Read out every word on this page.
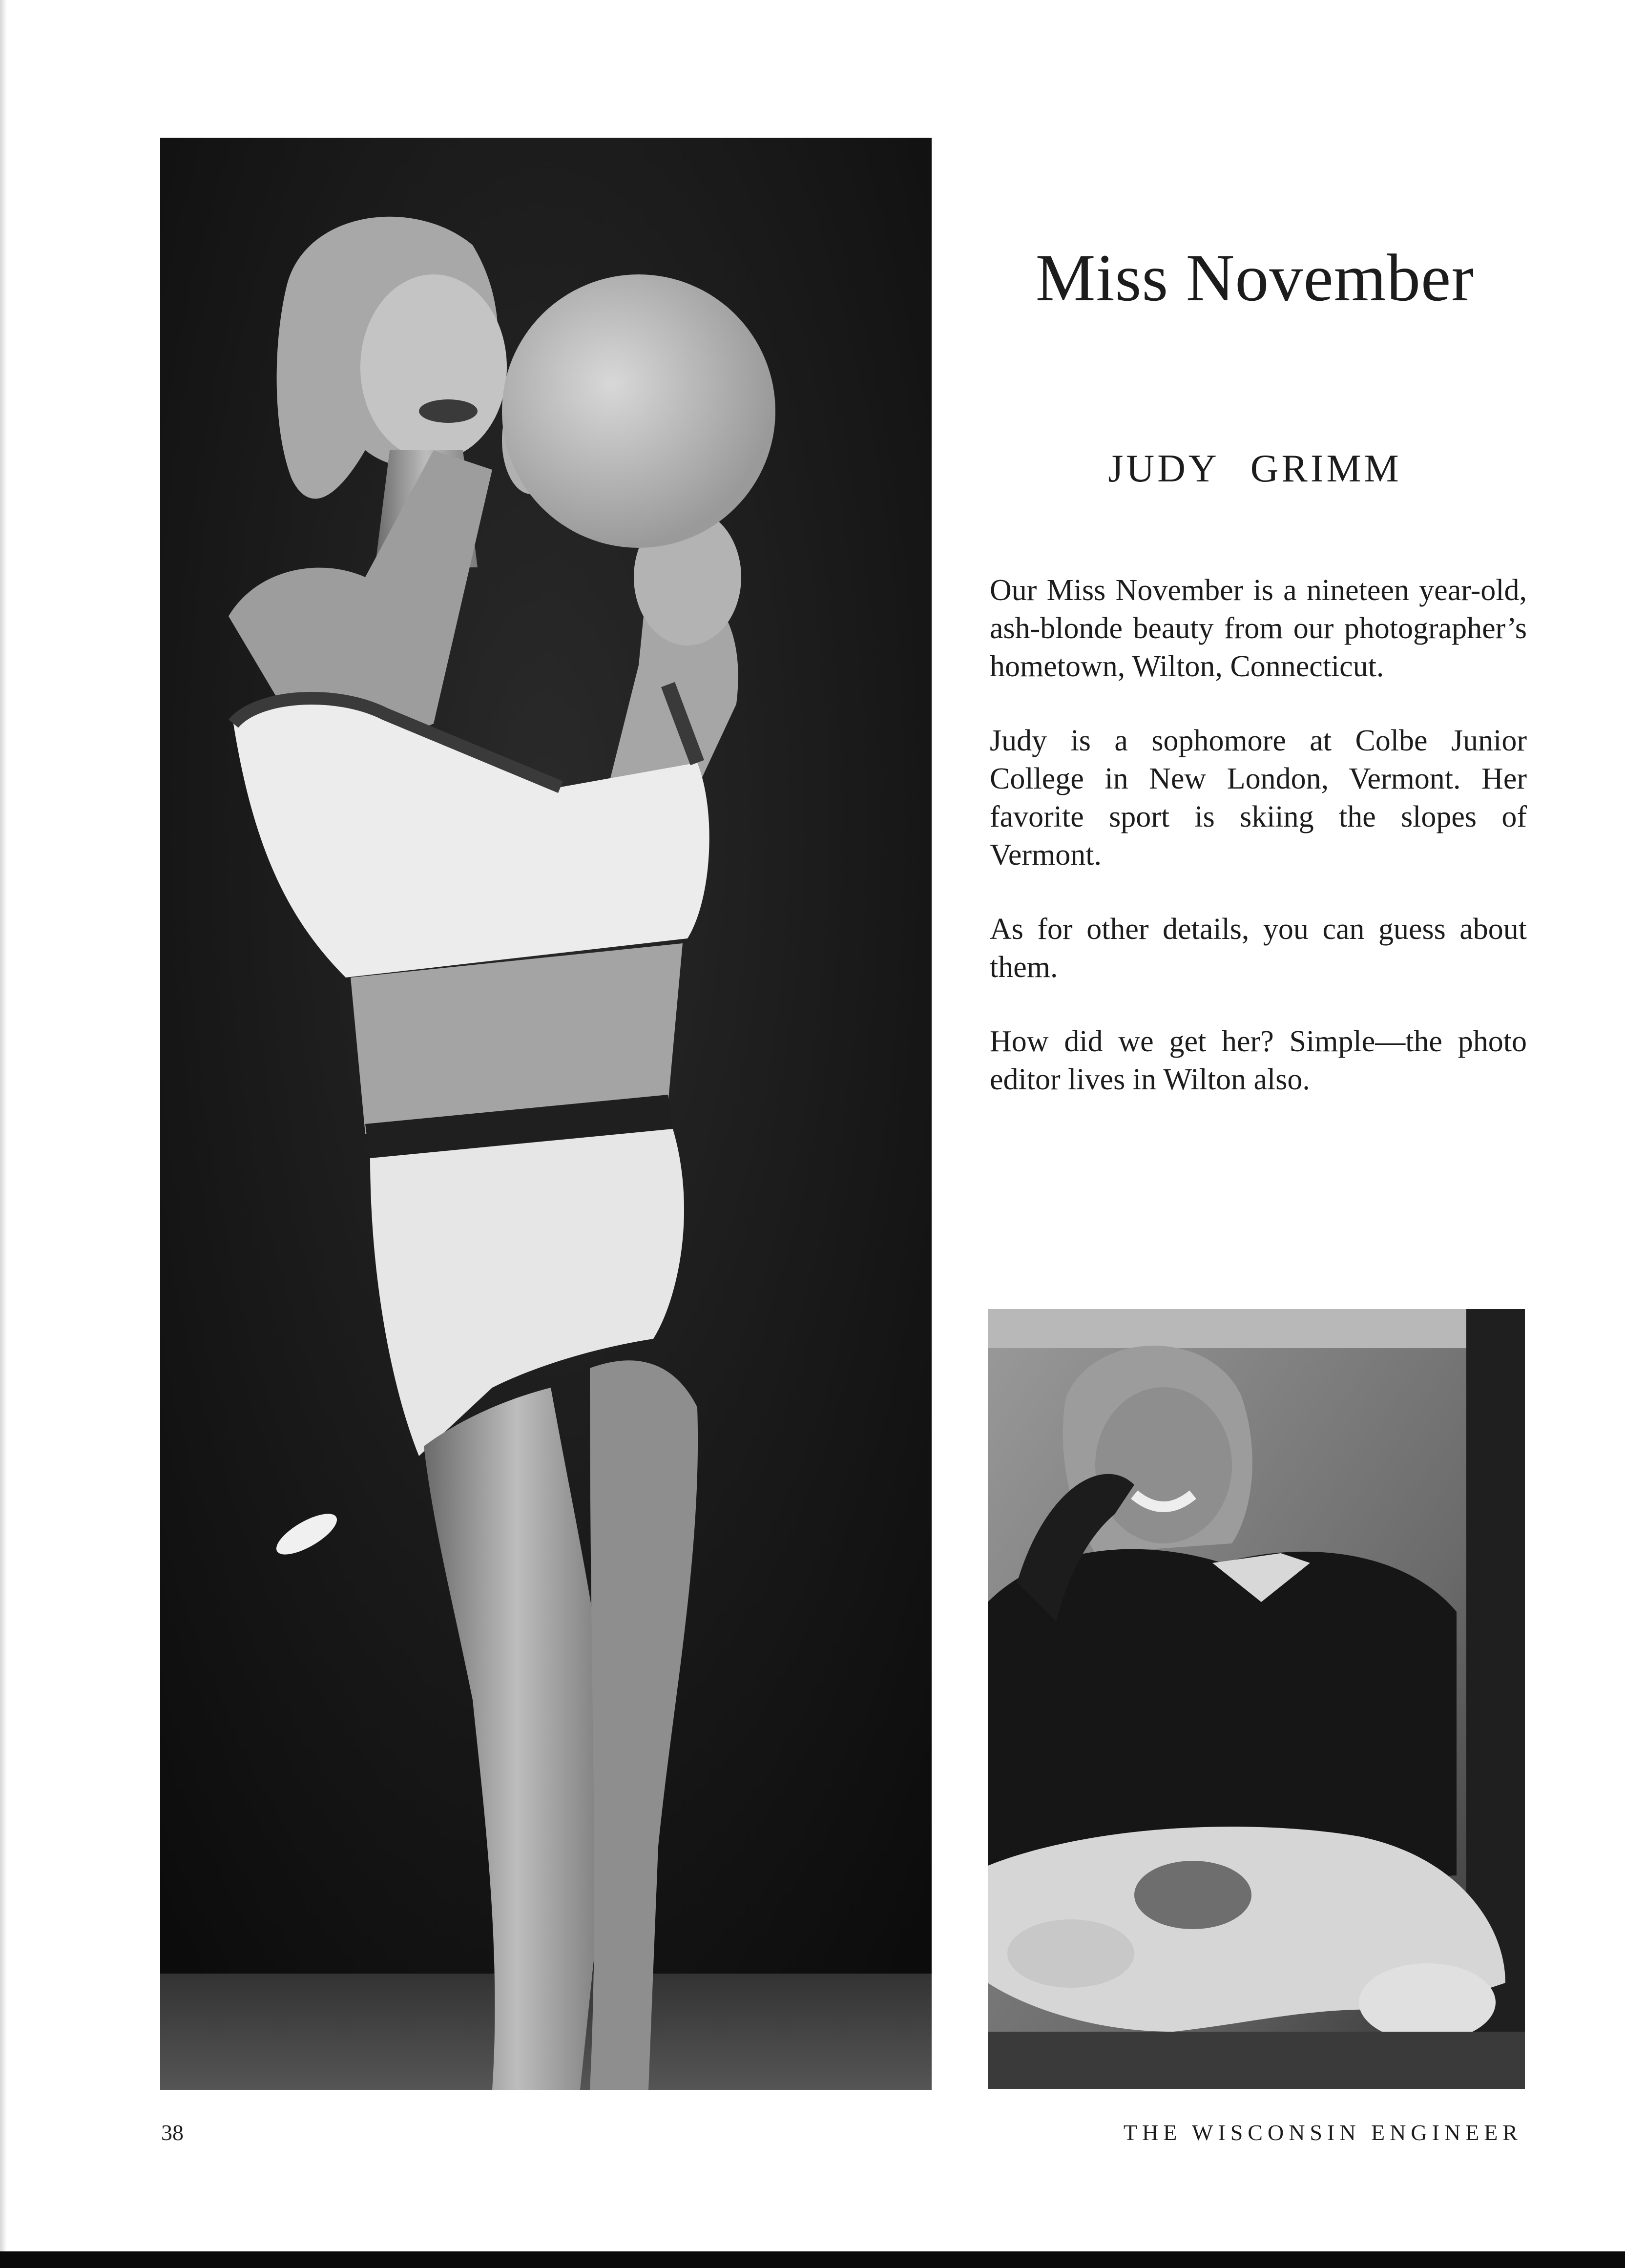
Miss November
JUDY GRIMM

Our Miss November is a nineteen year-old, ash-blonde beauty from our photographer’s hometown, Wilton, Connecticut.

Judy is a sophomore at Colbe Junior College in New London, Vermont. Her favorite sport is skiing the slopes of Vermont.

As for other details, you can guess about them.

How did we get her? Simple—the photo editor lives in Wilton also.

38	THE WISCONSIN ENGINEER
